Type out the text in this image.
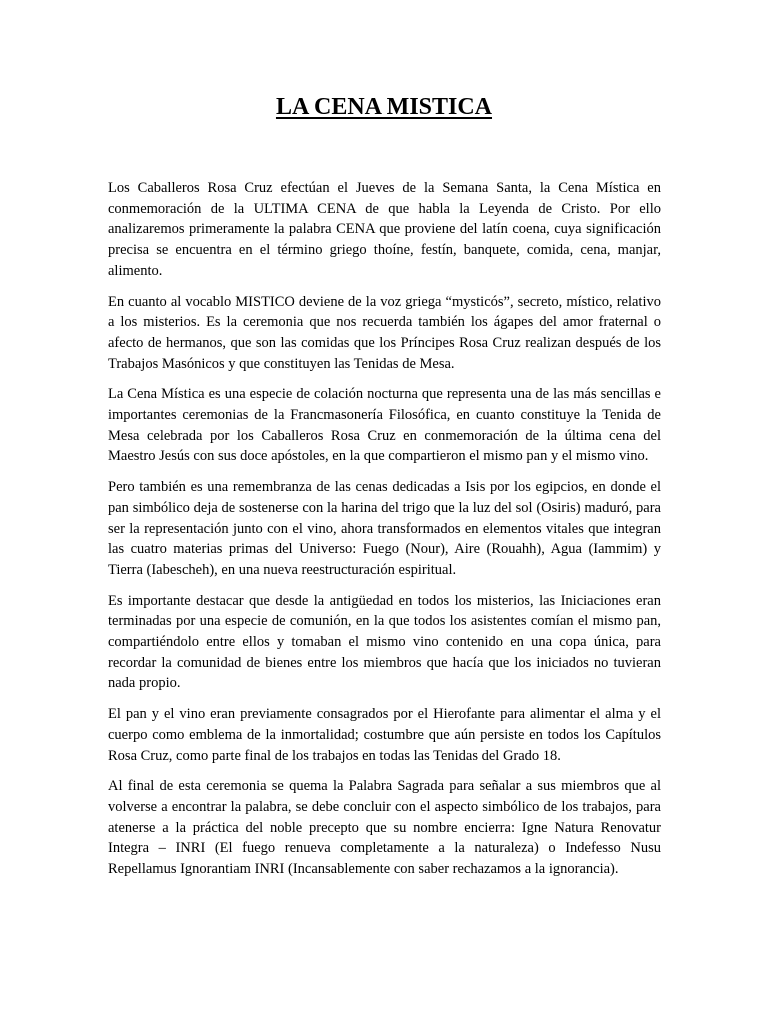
LA CENA MISTICA

Los Caballeros Rosa Cruz efectúan el Jueves de la Semana Santa, la Cena Mística en conmemoración de la ULTIMA CENA de que habla la Leyenda de Cristo. Por ello analizaremos primeramente la palabra CENA que proviene del latín coena, cuya significación precisa se encuentra en el término griego thoíne, festín, banquete, comida, cena, manjar, alimento.

En cuanto al vocablo MISTICO deviene de la voz griega “mysticós”, secreto, místico, relativo a los misterios. Es la ceremonia que nos recuerda también los ágapes del amor fraternal o afecto de hermanos, que son las comidas que los Príncipes Rosa Cruz realizan después de los Trabajos Masónicos y que constituyen las Tenidas de Mesa.

La Cena Mística es una especie de colación nocturna que representa una de las más sencillas e importantes ceremonias de la Francmasonería Filosófica, en cuanto constituye la Tenida de Mesa celebrada por los Caballeros Rosa Cruz en conmemoración de la última cena del Maestro Jesús con sus doce apóstoles, en la que compartieron el mismo pan y el mismo vino.

Pero también es una remembranza de las cenas dedicadas a Isis por los egipcios, en donde el pan simbólico deja de sostenerse con la harina del trigo que la luz del sol (Osiris) maduró, para ser la representación junto con el vino, ahora transformados en elementos vitales que integran las cuatro materias primas del Universo: Fuego (Nour), Aire (Rouahh), Agua (Iammim) y Tierra (Iabescheh), en una nueva reestructuración espiritual.

Es importante destacar que desde la antigüedad en todos los misterios, las Iniciaciones eran terminadas por una especie de comunión, en la que todos los asistentes comían el mismo pan, compartiéndolo entre ellos y tomaban el mismo vino contenido en una copa única, para recordar la comunidad de bienes entre los miembros que hacía que los iniciados no tuvieran nada propio.

El pan y el vino eran previamente consagrados por el Hierofante para alimentar el alma y el cuerpo como emblema de la inmortalidad; costumbre que aún persiste en todos los Capítulos Rosa Cruz, como parte final de los trabajos en todas las Tenidas del Grado 18.

Al final de esta ceremonia se quema la Palabra Sagrada para señalar a sus miembros que al volverse a encontrar la palabra, se debe concluir con el aspecto simbólico de los trabajos, para atenerse a la práctica del noble precepto que su nombre encierra: Igne Natura Renovatur Integra – INRI (El fuego renueva completamente a la naturaleza) o Indefesso Nusu Repellamus Ignorantiam INRI (Incansablemente con saber rechazamos a la ignorancia).
